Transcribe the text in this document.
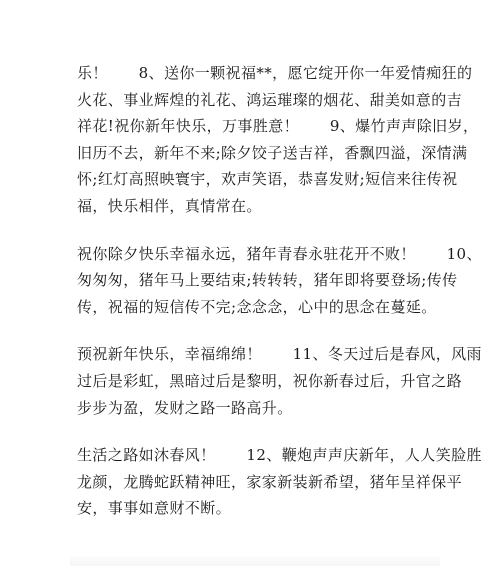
乐！　　8、送你一颗祝福**，愿它绽开你一年爱情痴狂的
火花、事业辉煌的礼花、鸿运璀璨的烟花、甜美如意的吉
祥花!祝你新年快乐，万事胜意！　　9、爆竹声声除旧岁，
旧历不去，新年不来;除夕饺子送吉祥，香飘四溢，深情满
怀;红灯高照映寰宇，欢声笑语，恭喜发财;短信来往传祝
福，快乐相伴，真情常在。
祝你除夕快乐幸福永远，猪年青春永驻花开不败！　　10、
匆匆匆，猪年马上要结束;转转转，猪年即将要登场;传传
传，祝福的短信传不完;念念念，心中的思念在蔓延。
预祝新年快乐，幸福绵绵！　　11、冬天过后是春风，风雨
过后是彩虹，黑暗过后是黎明，祝你新春过后，升官之路
步步为盈，发财之路一路高升。
生活之路如沐春风！　　12、鞭炮声声庆新年，人人笑脸胜
龙颜，龙腾蛇跃精神旺，家家新装新希望，猪年呈祥保平
安，事事如意财不断。
